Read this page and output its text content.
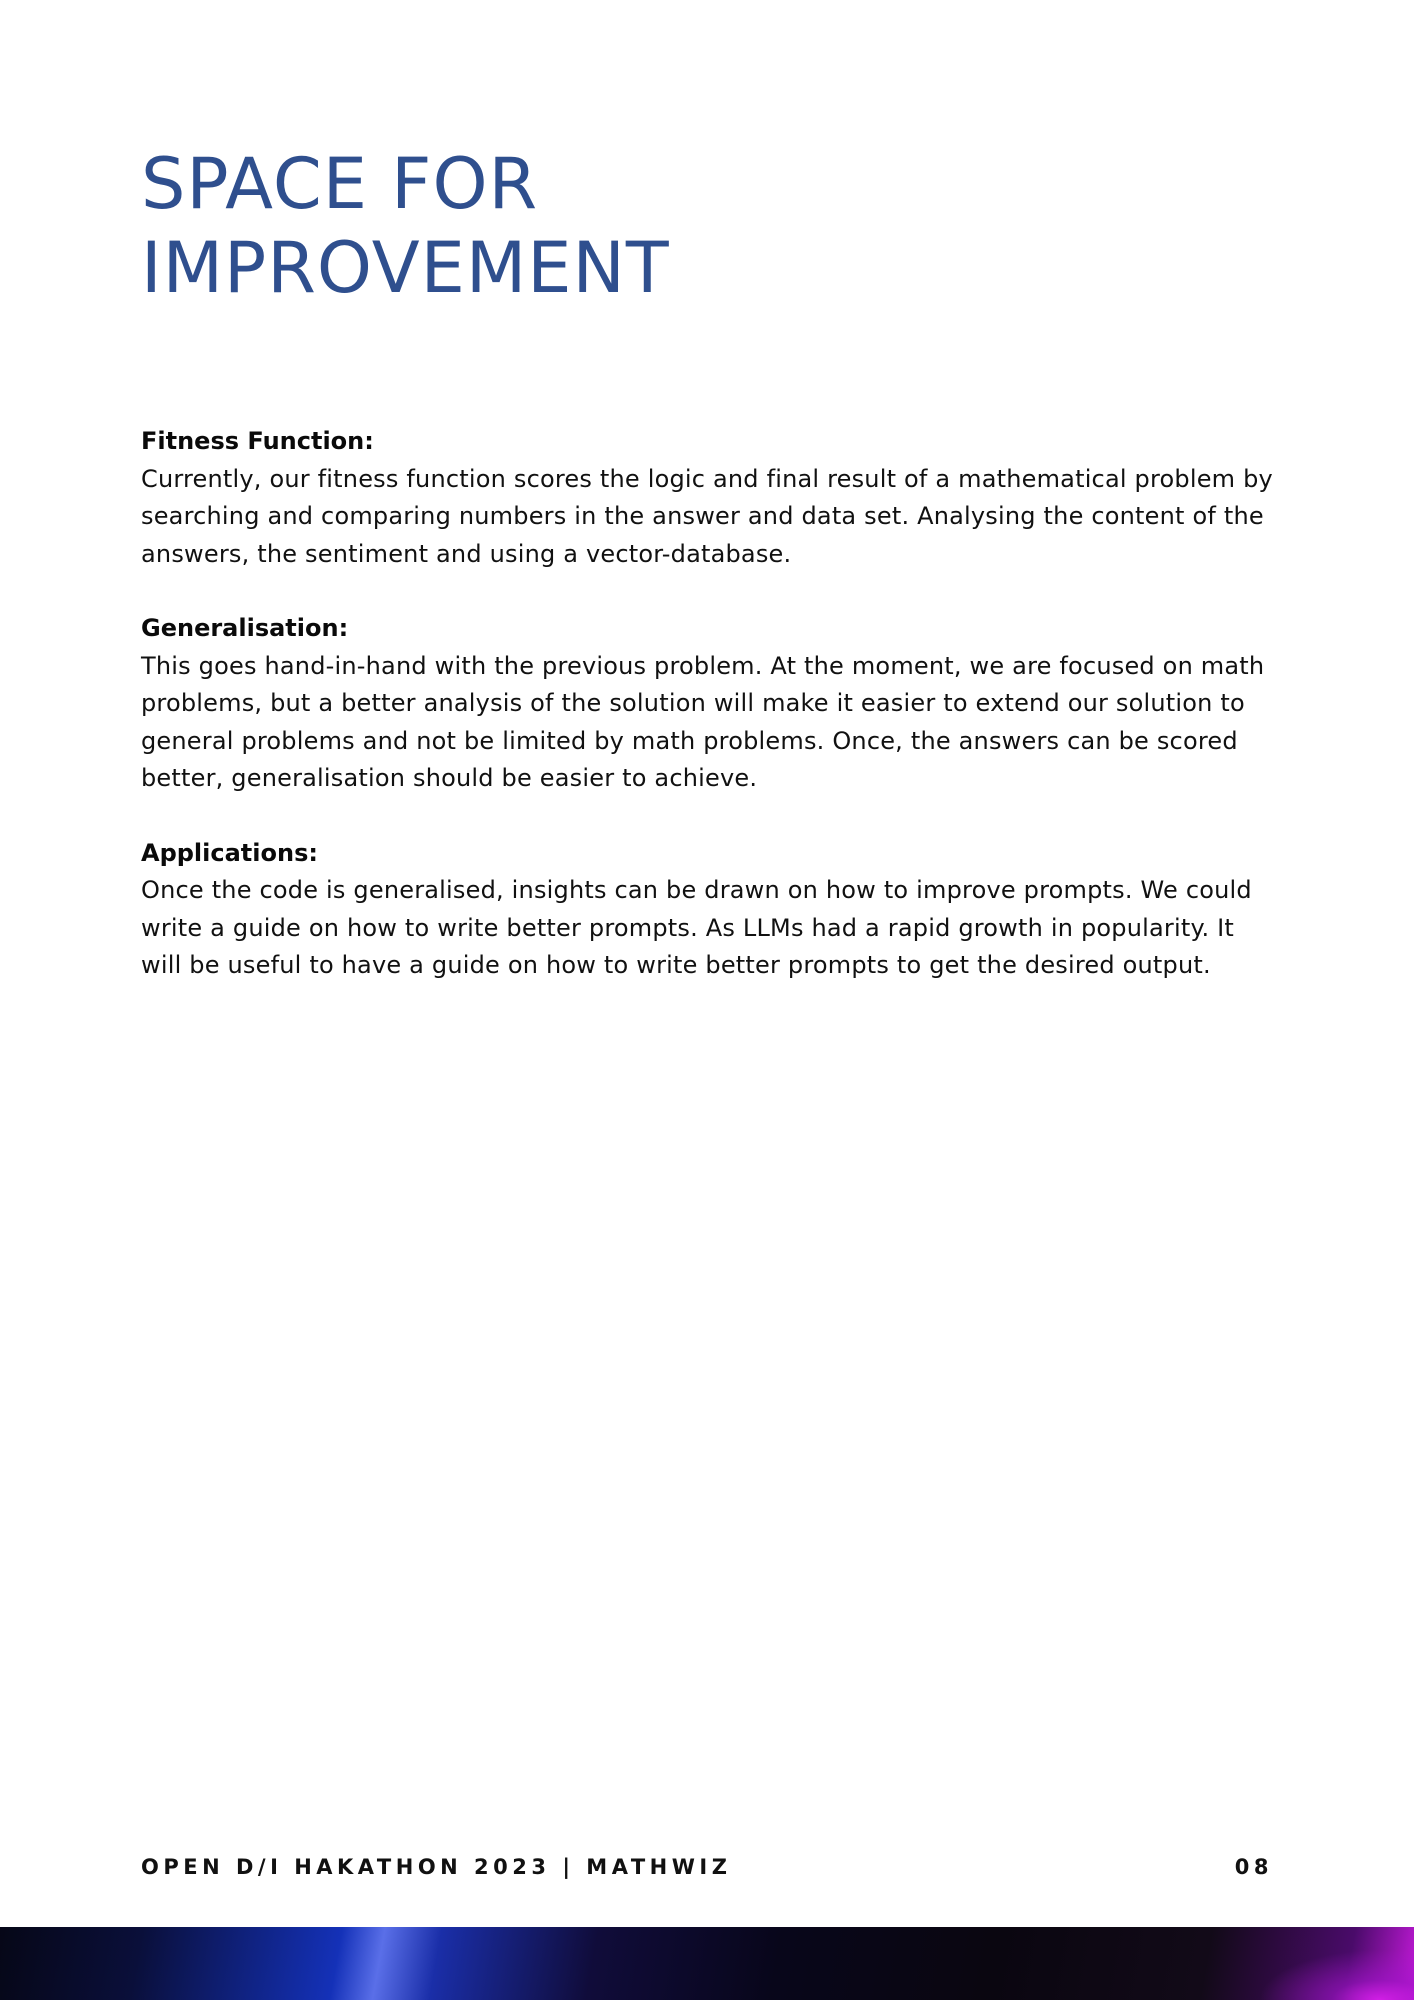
SPACE FOR
IMPROVEMENT

Fitness Function:

Currently, our fitness function scores the logic and final result of a mathematical problem by searching and comparing numbers in the answer and data set. Analysing the content of the answers, the sentiment and using a vector-database.

Generalisation:

This goes hand-in-hand with the previous problem. At the moment, we are focused on math problems, but a better analysis of the solution will make it easier to extend our solution to general problems and not be limited by math problems. Once, the answers can be scored better, generalisation should be easier to achieve.

Applications:

Once the code is generalised, insights can be drawn on how to improve prompts. We could write a guide on how to write better prompts. As LLMs had a rapid growth in popularity. It will be useful to have a guide on how to write better prompts to get the desired output.

OPEN D/I HAKATHON 2023 | MATHWIZ	08
